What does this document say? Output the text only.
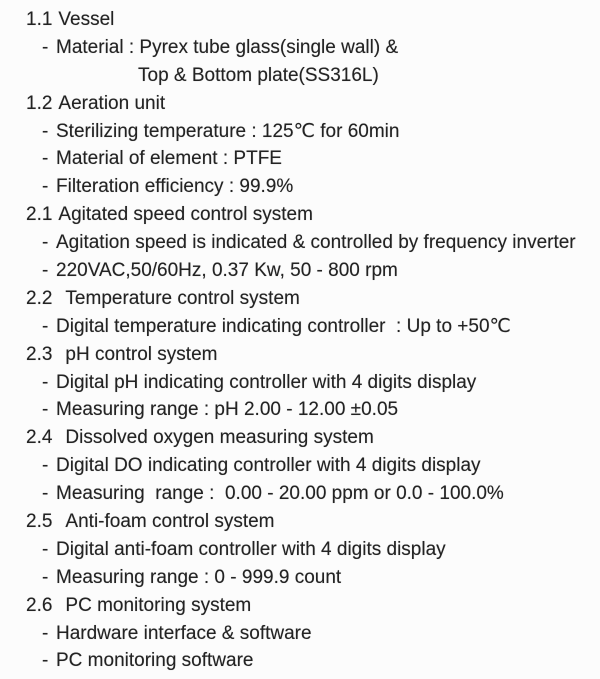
1.1 Vessel
- Material : Pyrex tube glass(single wall) &
Top & Bottom plate(SS316L)
1.2 Aeration unit
- Sterilizing temperature : 125℃ for 60min
- Material of element : PTFE
- Filteration efficiency : 99.9%
2.1 Agitated speed control system
- Agitation speed is indicated & controlled by frequency inverter
- 220VAC,50/60Hz, 0.37 Kw, 50 - 800 rpm
2.2 Temperature control system
- Digital temperature indicating controller  : Up to +50℃
2.3 pH control system
- Digital pH indicating controller with 4 digits display
- Measuring range : pH 2.00 - 12.00 ±0.05
2.4 Dissolved oxygen measuring system
- Digital DO indicating controller with 4 digits display
- Measuring  range :  0.00 - 20.00 ppm or 0.0 - 100.0%
2.5 Anti-foam control system
- Digital anti-foam controller with 4 digits display
- Measuring range : 0 - 999.9 count
2.6 PC monitoring system
- Hardware interface & software
- PC monitoring software
